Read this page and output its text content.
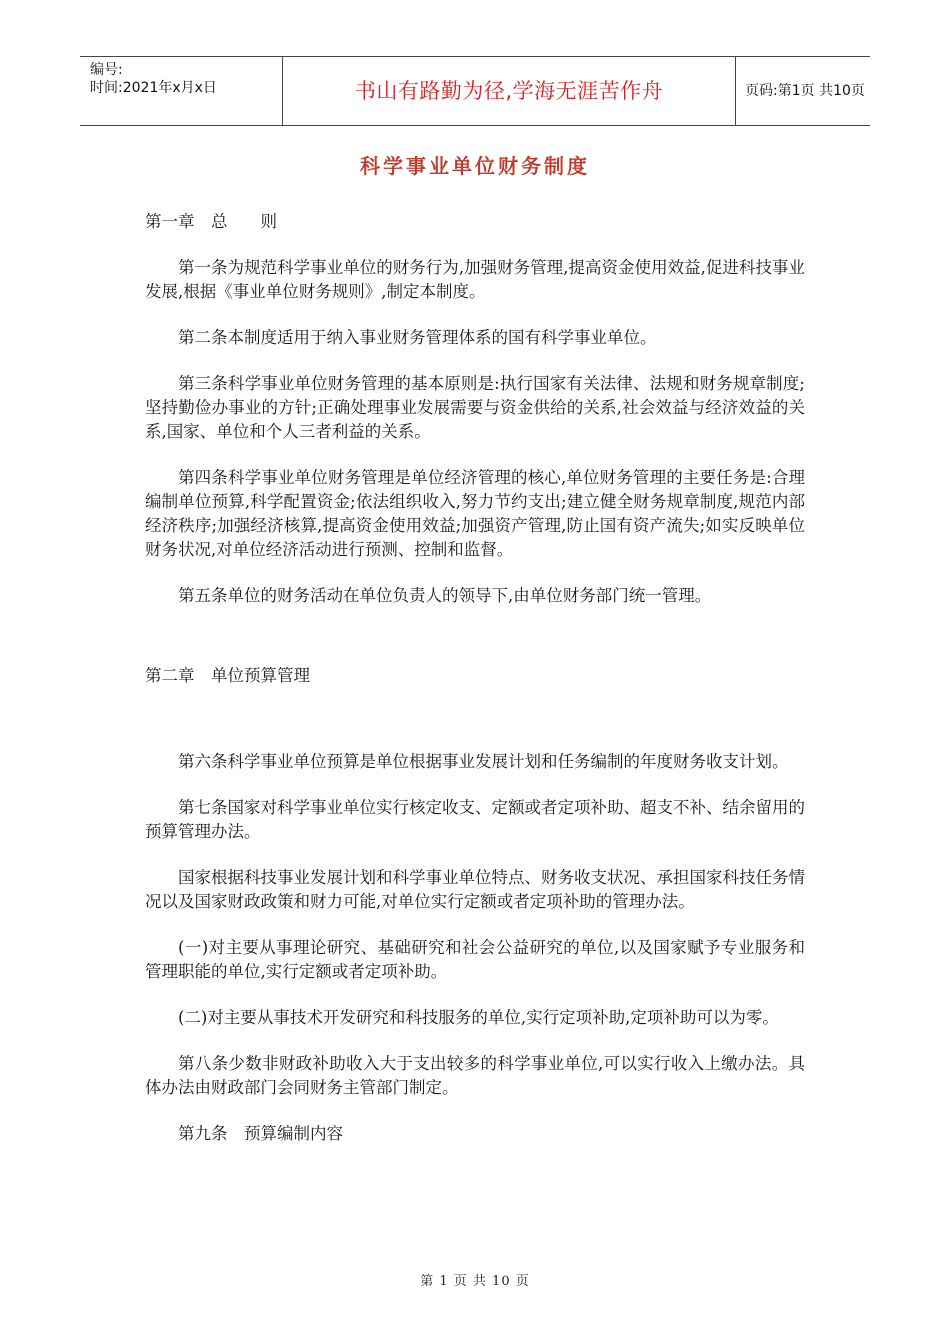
编号:
时间:2021年x月x日	书山有路勤为径,学海无涯苦作舟	页码:第1页 共10页
科学事业单位财务制度

第一章　总　　则

第一条为规范科学事业单位的财务行为,加强财务管理,提高资金使用效益,促进科技事业发展,根据《事业单位财务规则》,制定本制度。

第二条本制度适用于纳入事业财务管理体系的国有科学事业单位。

第三条科学事业单位财务管理的基本原则是:执行国家有关法律、法规和财务规章制度;坚持勤俭办事业的方针;正确处理事业发展需要与资金供给的关系,社会效益与经济效益的关系,国家、单位和个人三者利益的关系。

第四条科学事业单位财务管理是单位经济管理的核心,单位财务管理的主要任务是:合理编制单位预算,科学配置资金;依法组织收入,努力节约支出;建立健全财务规章制度,规范内部经济秩序;加强经济核算,提高资金使用效益;加强资产管理,防止国有资产流失;如实反映单位财务状况,对单位经济活动进行预测、控制和监督。

第五条单位的财务活动在单位负责人的领导下,由单位财务部门统一管理。

第二章　单位预算管理

第六条科学事业单位预算是单位根据事业发展计划和任务编制的年度财务收支计划。

第七条国家对科学事业单位实行核定收支、定额或者定项补助、超支不补、结余留用的预算管理办法。

国家根据科技事业发展计划和科学事业单位特点、财务收支状况、承担国家科技任务情况以及国家财政政策和财力可能,对单位实行定额或者定项补助的管理办法。

(一)对主要从事理论研究、基础研究和社会公益研究的单位,以及国家赋予专业服务和管理职能的单位,实行定额或者定项补助。

(二)对主要从事技术开发研究和科技服务的单位,实行定项补助,定项补助可以为零。

第八条少数非财政补助收入大于支出较多的科学事业单位,可以实行收入上缴办法。具体办法由财政部门会同财务主管部门制定。

第九条　预算编制内容

第 1 页 共 10 页
